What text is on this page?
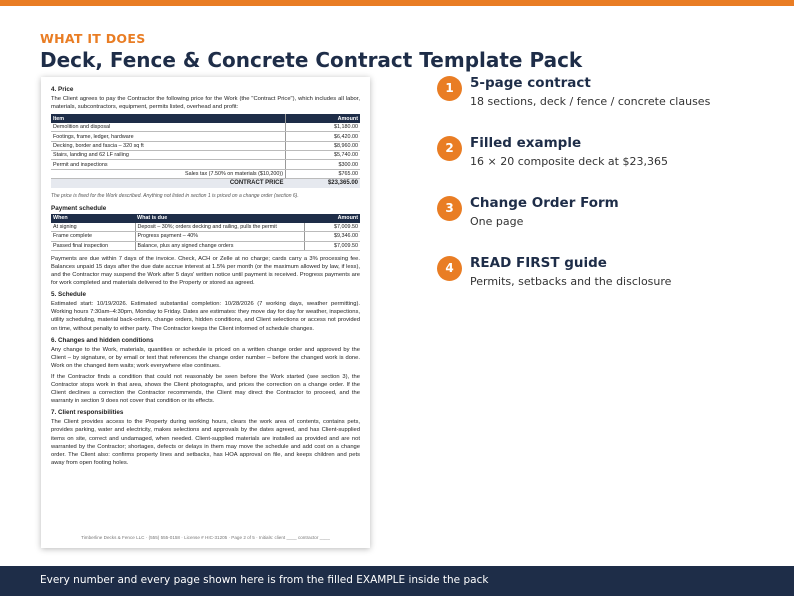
WHAT IT DOES
Deck, Fence & Concrete Contract Template Pack
4. Price
The Client agrees to pay the Contractor the following price for the Work (the "Contract Price"), which includes all labor, materials, subcontractors, equipment, permits listed, overhead and profit:
Item	Amount
Demolition and disposal	$1,180.00
Footings, frame, ledger, hardware	$6,420.00
Decking, border and fascia – 320 sq ft	$8,960.00
Stairs, landing and 62 LF railing	$5,740.00
Permit and inspections	$300.00
Sales tax (7.50% on materials ($10,200))	$765.00
CONTRACT PRICE	$23,365.00
The price is fixed for the Work described. Anything not listed in section 1 is priced on a change order (section 6).
Payment schedule
When	What is due	Amount
At signing	Deposit – 30%; orders decking and railing, pulls the permit	$7,009.50
Frame complete	Progress payment – 40%	$9,346.00
Passed final inspection	Balance, plus any signed change orders	$7,009.50
Payments are due within 7 days of the invoice. Check, ACH or Zelle at no charge; cards carry a 3% processing fee. Balances unpaid 15 days after the due date accrue interest at 1.5% per month (or the maximum allowed by law, if less), and the Contractor may suspend the Work after 5 days' written notice until payment is received. Progress payments are for work completed and materials delivered to the Property or stored as agreed.
5. Schedule
Estimated start: 10/19/2026. Estimated substantial completion: 10/28/2026 (7 working days, weather permitting). Working hours 7:30am–4:30pm, Monday to Friday. Dates are estimates: they move day for day for weather, inspections, utility scheduling, material back-orders, change orders, hidden conditions, and Client selections or access not provided on time, without penalty to either party. The Contractor keeps the Client informed of schedule changes.
6. Changes and hidden conditions
Any change to the Work, materials, quantities or schedule is priced on a written change order and approved by the Client – by signature, or by email or text that references the change order number – before the changed work is done. Work on the changed item waits; work everywhere else continues.
If the Contractor finds a condition that could not reasonably be seen before the Work started (see section 3), the Contractor stops work in that area, shows the Client photographs, and prices the correction on a change order. If the Client declines a correction the Contractor recommends, the Client may direct the Contractor to proceed, and the warranty in section 9 does not cover that condition or its effects.
7. Client responsibilities
The Client provides access to the Property during working hours, clears the work area of contents, contains pets, provides parking, water and electricity, makes selections and approvals by the dates agreed, and has Client-supplied items on site, correct and undamaged, when needed. Client-supplied materials are installed as provided and are not warranted by the Contractor; shortages, defects or delays in them may move the schedule and add cost on a change order. The Client also: confirms property lines and setbacks, has HOA approval on file, and keeps children and pets away from open footing holes.
Timberline Decks & Fence LLC · (555) 555-0158 · License # HIC-31205 · Page 2 of 5 · Initials: client ____ contractor ____
1	5-page contract
18 sections, deck / fence / concrete clauses
2	Filled example
16 × 20 composite deck at $23,365
3	Change Order Form
One page
4	READ FIRST guide
Permits, setbacks and the disclosure
Every number and every page shown here is from the filled EXAMPLE inside the pack
